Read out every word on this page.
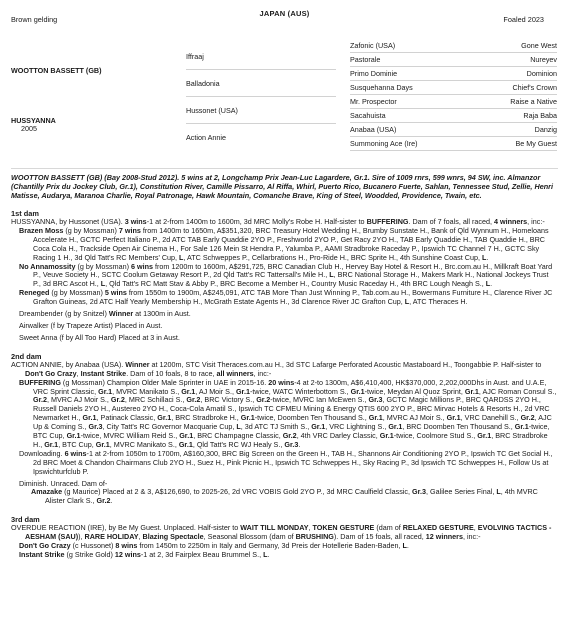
Brown gelding
JAPAN (AUS)
Foaled 2023
WOOTTON BASSETT (GB)
HUSSYANNA
2005
Iffraaj
Balladonia
Hussonet (USA)
Action Annie
Zafonic (USA)	Gone West
Pastorale	Nureyev
Primo Dominie	Dominion
Susquehanna Days	Chief's Crown
Mr. Prospector	Raise a Native
Sacahuista	Raja Baba
Anabaa (USA)	Danzig
Summoning Ace (Ire)	Be My Guest
WOOTTON BASSETT (GB) (Bay 2008-Stud 2012). 5 wins at 2, Longchamp Prix Jean-Luc Lagardere, Gr.1. Sire of 1009 rnrs, 599 wnrs, 94 SW, inc. Almanzor (Chantilly Prix du Jockey Club, Gr.1), Constitution River, Camille Pissarro, Al Riffa, Whirl, Puerto Rico, Bucanero Fuerte, Sahlan, Tennessee Stud, Zellie, Henri Matisse, Audarya, Maranoa Charlie, Royal Patronage, Hawk Mountain, Comanche Brave, King of Steel, Woodded, Providence, Twain, etc.
1st dam
HUSSYANNA, by Hussonet (USA). 3 wins-1 at 2-from 1400m to 1600m, 3d MRC Molly's Robe H. Half-sister to BUFFERING. Dam of 7 foals, all raced, 4 winners, inc:-
Brazen Moss (g by Mossman) 7 wins from 1400m to 1650m, A$351,320, BRC Treasury Hotel Wedding H., Brumby Sunstate H., Bank of Qld Wynnum H., Homeloans Accelerate H., GCTC Perfect Italiano P., 2d ATC TAB Early Quaddie 2YO P., Freshworld 2YO P., Get Racy 2YO H., TAB Early Quaddie H., TAB Quaddie H., BRC Coca Cola H., Trackside Open Air Cinema H., For Sale 126 Mein St Hendra P., Yalumba P., AAMI Stradbroke Raceday P., Ipswich TC Channel 7 H., GCTC Sky Racing 1 H., 3d Qld Tatt's RC Members' Cup, L, ATC Schweppes P., Cellarbrations H., Pro-Ride H., BRC Sprite H., 4th Sunshine Coast Cup, L.
No Annamossity (g by Mossman) 6 wins from 1200m to 1600m, A$291,725, BRC Canadian Club H., Hervey Bay Hotel & Resort H., Brc.com.au H., Millkraft Boat Yard P., Veuve Society H., SCTC Coolum Getaway Resort P., 2d Qld Tatt's RC Tattersall's Mile H., L, BRC National Storage H., Makers Mark H., National Jockeys Trust P., 3d BRC Ascot H., L, Qld Tatt's RC Matt Stav & Abby P., BRC Become a Member H., Country Music Raceday H., 4th BRC Lough Neagh S., L.
Reneged (g by Mossman) 5 wins from 1550m to 1900m, A$245,091, ATC TAB More Than Just Winning P., Tab.com.au H., Bowermans Furniture H., Clarence River JC Grafton Guineas, 2d ATC Half Yearly Membership H., McGrath Estate Agents H., 3d Clarence River JC Grafton Cup, L, ATC Theraces H.
Dreambender (g by Snitzel) Winner at 1300m in Aust.
Airwalker (f by Trapeze Artist) Placed in Aust.
Sweet Anna (f by All Too Hard) Placed at 3 in Aust.
2nd dam
ACTION ANNIE, by Anabaa (USA). Winner at 1200m, STC Visit Theraces.com.au H., 3d STC Lafarge Perforated Acoustic Mastaboard H., Toongabbie P. Half-sister to Don't Go Crazy, Instant Strike. Dam of 10 foals, 8 to race, all winners, inc:-
BUFFERING (g Mossman) Champion Older Male Sprinter in UAE in 2015-16. 20 wins-4 at 2-to 1300m, A$6,410,400, HK$370,000, 2,202,000Dhs in Aust. and U.A.E, VRC Sprint Classic, Gr.1, MVRC Manikato S., Gr.1, AJ Moir S., Gr.1-twice, WATC Winterbottom S., Gr.1-twice, Meydan Al Quoz Sprint, Gr.1, AJC Roman Consul S., Gr.2, MVRC AJ Moir S., Gr.2, MRC Schillaci S., Gr.2, BRC Victory S., Gr.2-twice, MVRC Ian McEwen S., Gr.3, GCTC Magic Millions P., BRC QARDSS 2YO H., Russell Daniels 2YO H., Austereo 2YO H., Coca-Cola Amatil S., Ipswich TC CFMEU Mining & Energy QTIS 600 2YO P., BRC Mirvac Hotels & Resorts H., 2d VRC Newmarket H., Gr.1, Patinack Classic, Gr.1, BRC Stradbroke H., Gr.1-twice, Doomben Ten Thousand S., Gr.1, MVRC AJ Moir S., Gr.1, VRC Danehill S., Gr.2, AJC Up & Coming S., Gr.3, City Tatt's RC Governor Macquarie Cup, L, 3d ATC TJ Smith S., Gr.1, VRC Lightning S., Gr.1, BRC Doomben Ten Thousand S., Gr.1-twice, BTC Cup, Gr.1-twice, MVRC William Reid S., Gr.1, BRC Champagne Classic, Gr.2, 4th VRC Darley Classic, Gr.1-twice, Coolmore Stud S., Gr.1, BRC Stradbroke H., Gr.1, BTC Cup, Gr.1, MVRC Manikato S., Gr.1, Qld Tatt's RC WJ Healy S., Gr.3.
Downloading. 6 wins-1 at 2-from 1050m to 1700m, A$160,300, BRC Big Screen on the Green H., TAB H., Shannons Air Conditioning 2YO P., Ipswich TC Get Social H., 2d BRC Moet & Chandon Chairmans Club 2YO H., Suez H., Pink Picnic H., Ipswich TC Schweppes H., Sky Racing P., 3d Ipswich TC Schweppes H., Follow Us at Ipswichturfclub P.
Diminish. Unraced. Dam of-
Amazake (g Maurice) Placed at 2 & 3, A$126,690, to 2025-26, 2d VRC VOBIS Gold 2YO P., 3d MRC Caulfield Classic, Gr.3, Galilee Series Final, L, 4th MVRC Alister Clark S., Gr.2.
3rd dam
OVERDUE REACTION (IRE), by Be My Guest. Unplaced. Half-sister to WAIT TILL MONDAY, TOKEN GESTURE (dam of RELAXED GESTURE, EVOLVING TACTICS - AESHAM (SAU)), RARE HOLIDAY, Blazing Spectacle, Seasonal Blossom (dam of BRUSHING). Dam of 15 foals, all raced, 12 winners, inc:-
Don't Go Crazy (c Hussonet) 8 wins from 1450m to 2250m in Italy and Germany, 3d Preis der Hotellerie Baden-Baden, L.
Instant Strike (g Strike Gold) 12 wins-1 at 2, 3d Fairplex Beau Brummel S., L.
